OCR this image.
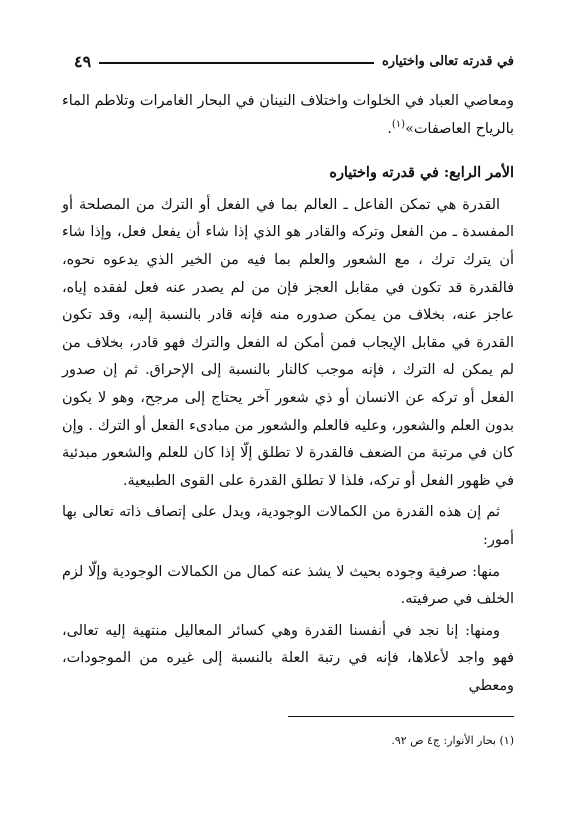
في قدرته تعالى واختياره
٤٩

ومعاصي العباد في الخلوات واختلاف النينان في البحار الغامرات وتلاطم الماء بالرياح العاصفات»$^{(١)}$.

الأمر الرابع: في قدرته واختياره

القدرة هي تمكن الفاعل ـ العالم بما في الفعل أو الترك من المصلحة أو المفسدة ـ من الفعل وتركه والقادر هو الذي إذا شاء أن يفعل فعل، وإذا شاء أن يترك ترك ، مع الشعور والعلم بما فيه من الخير الذي يدعوه نحوه، فالقدرة قد تكون في مقابل العجز فإن من لم يصدر عنه فعل لفقده إياه، عاجز عنه، بخلاف من يمكن صدوره منه فإنه قادر بالنسبة إليه، وقد تكون القدرة في مقابل الإيجاب فمن أمكن له الفعل والترك فهو قادر، بخلاف من لم يمكن له الترك ، فإنه موجب كالنار بالنسبة إلى الإحراق. ثم إن صدور الفعل أو تركه عن الانسان أو ذي شعور آخر يحتاج إلى مرجح، وهو لا يكون بدون العلم والشعور، وعليه فالعلم والشعور من مبادىء الفعل أو الترك . وإن كان في مرتبة من الضعف فالقدرة لا تطلق إلّا إذا كان للعلم والشعور مبدئية في ظهور الفعل أو تركه، فلذا لا تطلق القدرة على القوى الطبيعية.

ثم إن هذه القدرة من الكمالات الوجودية، ويدل على إتصاف ذاته تعالى بها أمور:

منها: صرفية وجوده بحيث لا يشذ عنه كمال من الكمالات الوجودية وإلّا لزم الخلف في صرفيته.

ومنها: إنا نجد في أنفسنا القدرة وهي كسائر المعاليل منتهية إليه تعالى، فهو واجد لأعلاها، فإنه في رتبة العلة بالنسبة إلى غيره من الموجودات، ومعطي

(١) بحار الأنوار: ج٤ ص ٩٢.
